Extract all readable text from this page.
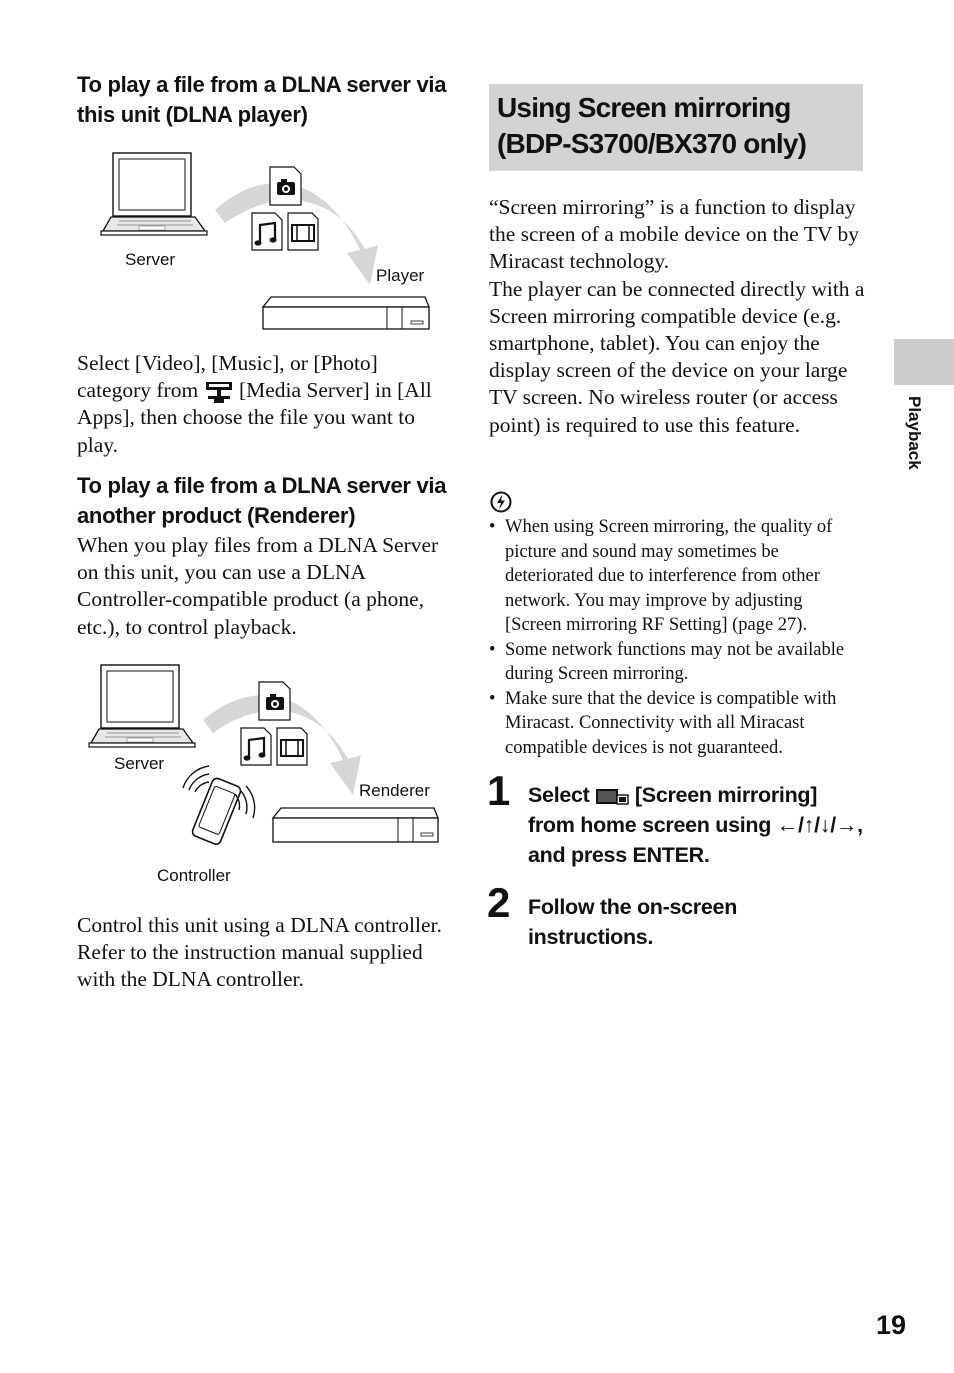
To play a file from a DLNA server via this unit (DLNA player)
Server
Player
Select [Video], [Music], or [Photo] category from [Media Server] in [All Apps], then choose the file you want to play.
To play a file from a DLNA server via another product (Renderer)
When you play files from a DLNA Server on this unit, you can use a DLNA Controller-compatible product (a phone, etc.), to control playback.
Server
Renderer
Controller
Control this unit using a DLNA controller. Refer to the instruction manual supplied with the DLNA controller.
Using Screen mirroring (BDP-S3700/BX370 only)
“Screen mirroring” is a function to display the screen of a mobile device on the TV by Miracast technology.
The player can be connected directly with a Screen mirroring compatible device (e.g. smartphone, tablet). You can enjoy the display screen of the device on your large TV screen. No wireless router (or access point) is required to use this feature.
• When using Screen mirroring, the quality of picture and sound may sometimes be deteriorated due to interference from other network. You may improve by adjusting [Screen mirroring RF Setting] (page 27).
• Some network functions may not be available during Screen mirroring.
• Make sure that the device is compatible with Miracast. Connectivity with all Miracast compatible devices is not guaranteed.
1 Select [Screen mirroring] from home screen using ←/↑/↓/→, and press ENTER.
2 Follow the on-screen instructions.
Playback
19
